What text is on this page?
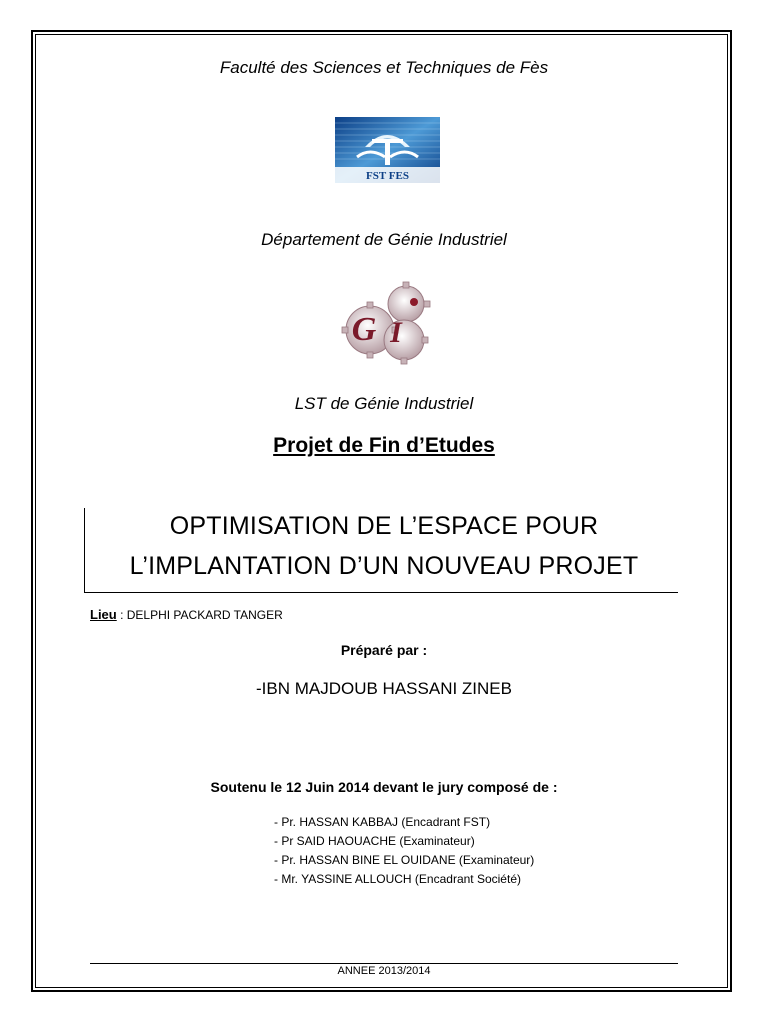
Faculté des Sciences et Techniques de Fès
FST FES
Département de Génie Industriel
G I
LST de Génie Industriel
Projet de Fin d’Etudes
OPTIMISATION DE L’ESPACE POUR
L’IMPLANTATION D’UN NOUVEAU PROJET
Lieu : DELPHI PACKARD TANGER
Préparé par :
-IBN MAJDOUB HASSANI ZINEB
Soutenu le 12 Juin 2014 devant le jury composé de :
- Pr. HASSAN KABBAJ (Encadrant FST)
- Pr SAID HAOUACHE (Examinateur)
- Pr. HASSAN BINE EL OUIDANE (Examinateur)
- Mr. YASSINE ALLOUCH (Encadrant Société)
ANNEE 2013/2014
